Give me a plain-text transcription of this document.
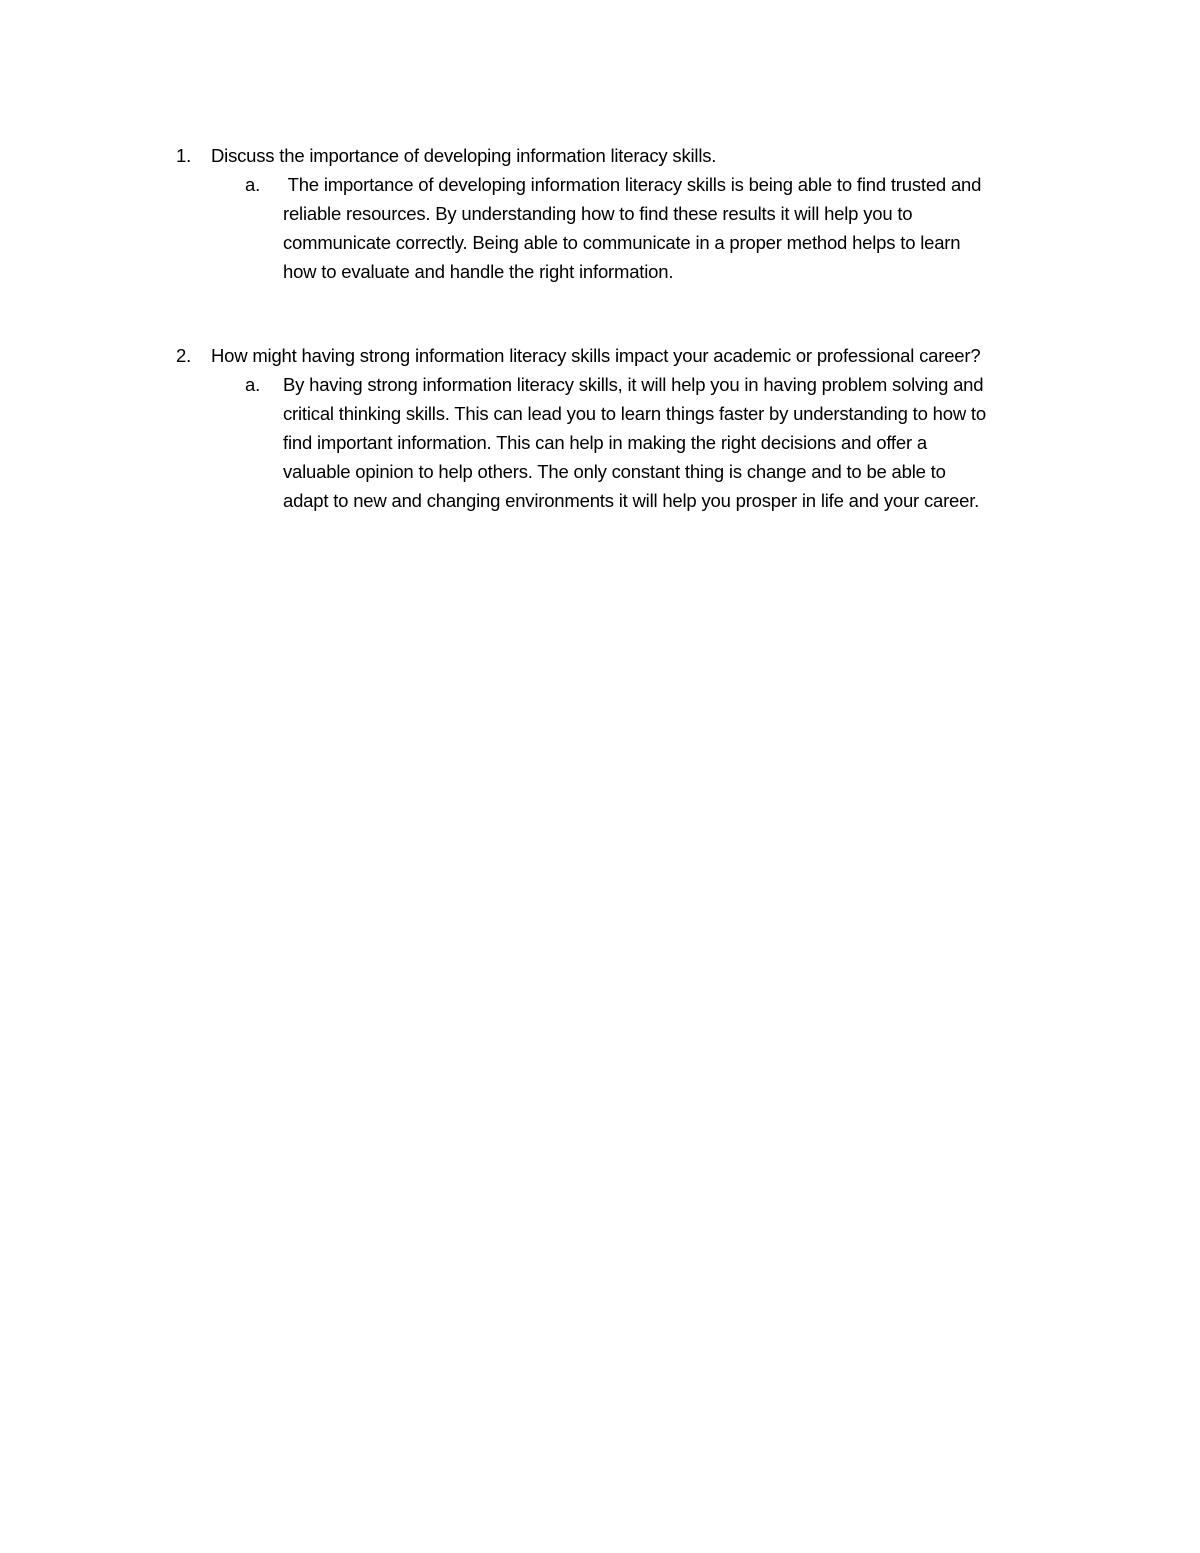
1. Discuss the importance of developing information literacy skills.
a. The importance of developing information literacy skills is being able to find trusted and
reliable resources. By understanding how to find these results it will help you to
communicate correctly. Being able to communicate in a proper method helps to learn
how to evaluate and handle the right information.
2. How might having strong information literacy skills impact your academic or professional career?
a. By having strong information literacy skills, it will help you in having problem solving and
critical thinking skills. This can lead you to learn things faster by understanding to how to
find important information. This can help in making the right decisions and offer a
valuable opinion to help others. The only constant thing is change and to be able to
adapt to new and changing environments it will help you prosper in life and your career.
